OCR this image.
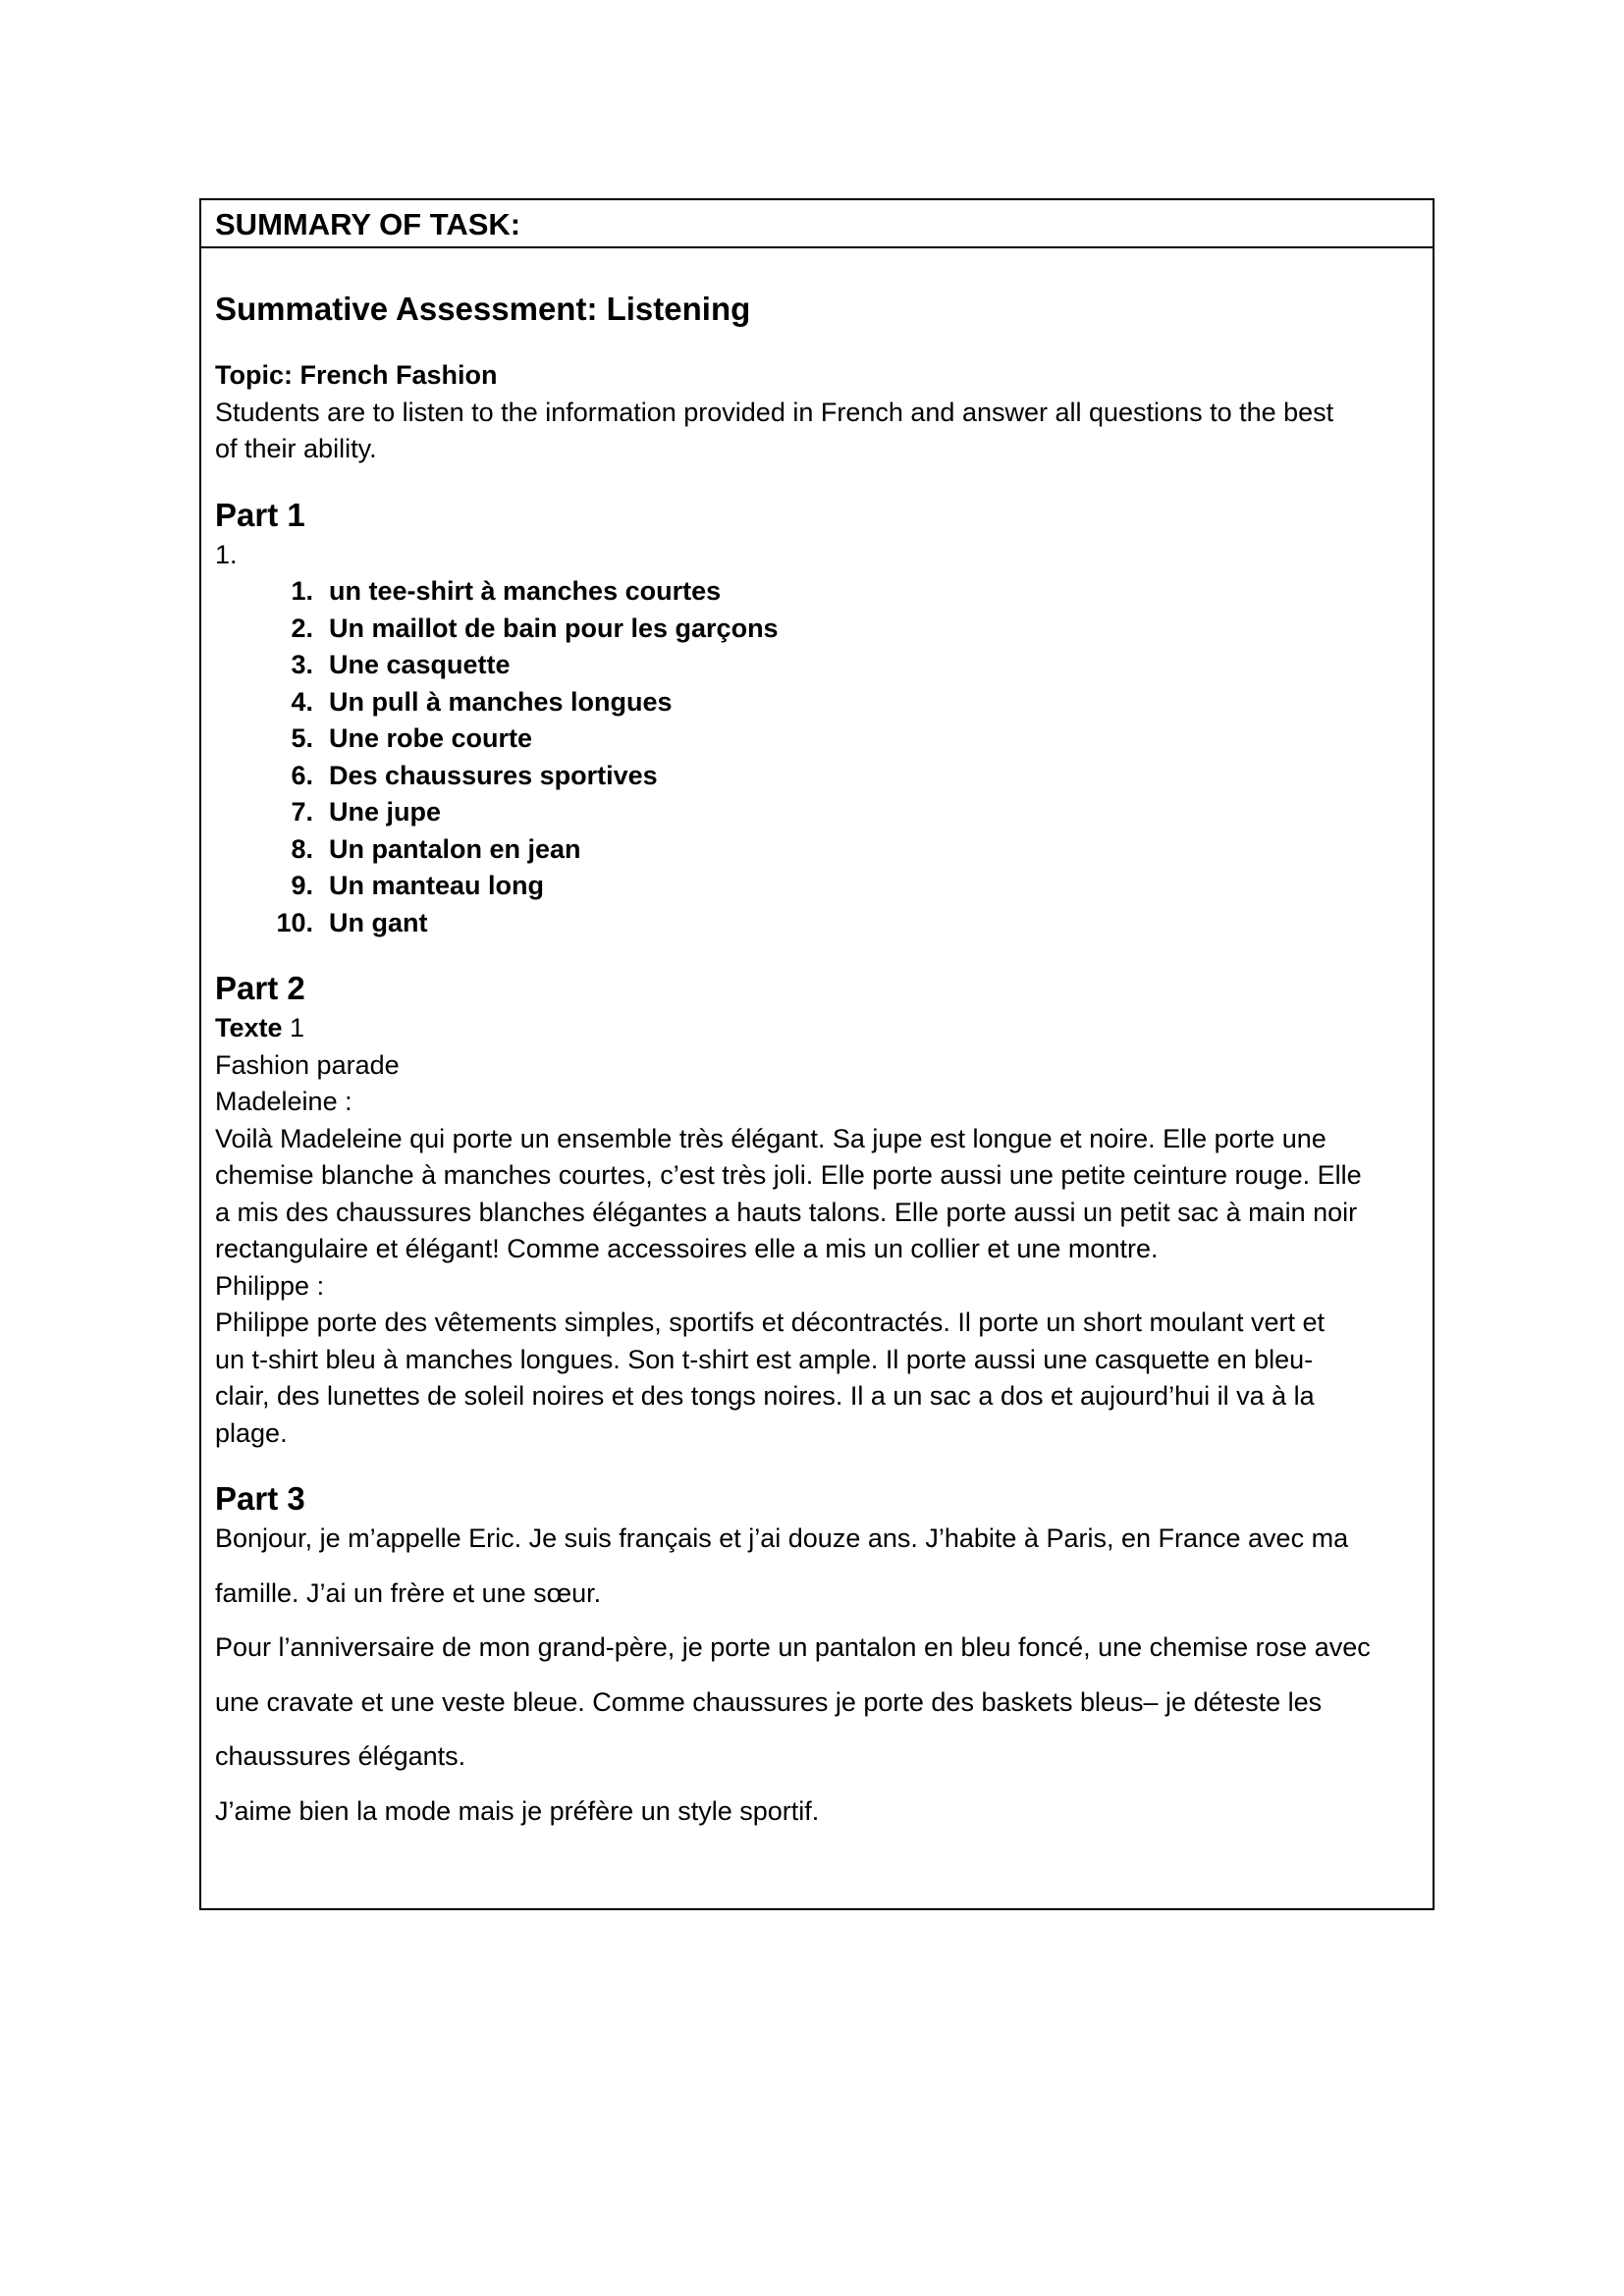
SUMMARY OF TASK:
Summative Assessment: Listening
Topic: French Fashion
Students are to listen to the information provided in French and answer all questions to the best
of their ability.
Part 1
1.
1. un tee-shirt à manches courtes
2. Un maillot de bain pour les garçons
3. Une casquette
4. Un pull à manches longues
5. Une robe courte
6. Des chaussures sportives
7. Une jupe
8. Un pantalon en jean
9. Un manteau long
10. Un gant
Part 2
Texte 1
Fashion parade
Madeleine :
Voilà Madeleine qui porte un ensemble très élégant. Sa jupe est longue et noire. Elle porte une
chemise blanche à manches courtes, c’est très joli. Elle porte aussi une petite ceinture rouge. Elle
a mis des chaussures blanches élégantes a hauts talons. Elle porte aussi un petit sac à main noir
rectangulaire et élégant! Comme accessoires elle a mis un collier et une montre.
Philippe :
Philippe porte des vêtements simples, sportifs et décontractés. Il porte un short moulant vert et
un t-shirt bleu à manches longues. Son t-shirt est ample. Il porte aussi une casquette en bleu-
clair, des lunettes de soleil noires et des tongs noires. Il a un sac a dos et aujourd’hui il va à la
plage.
Part 3

Bonjour, je m’appelle Eric. Je suis français et j’ai douze ans. J’habite à Paris, en France avec ma

famille. J’ai un frère et une sœur.

Pour l’anniversaire de mon grand-père, je porte un pantalon en bleu foncé, une chemise rose avec

une cravate et une veste bleue. Comme chaussures je porte des baskets bleus– je déteste les

chaussures élégants.

J’aime bien la mode mais je préfère un style sportif.
